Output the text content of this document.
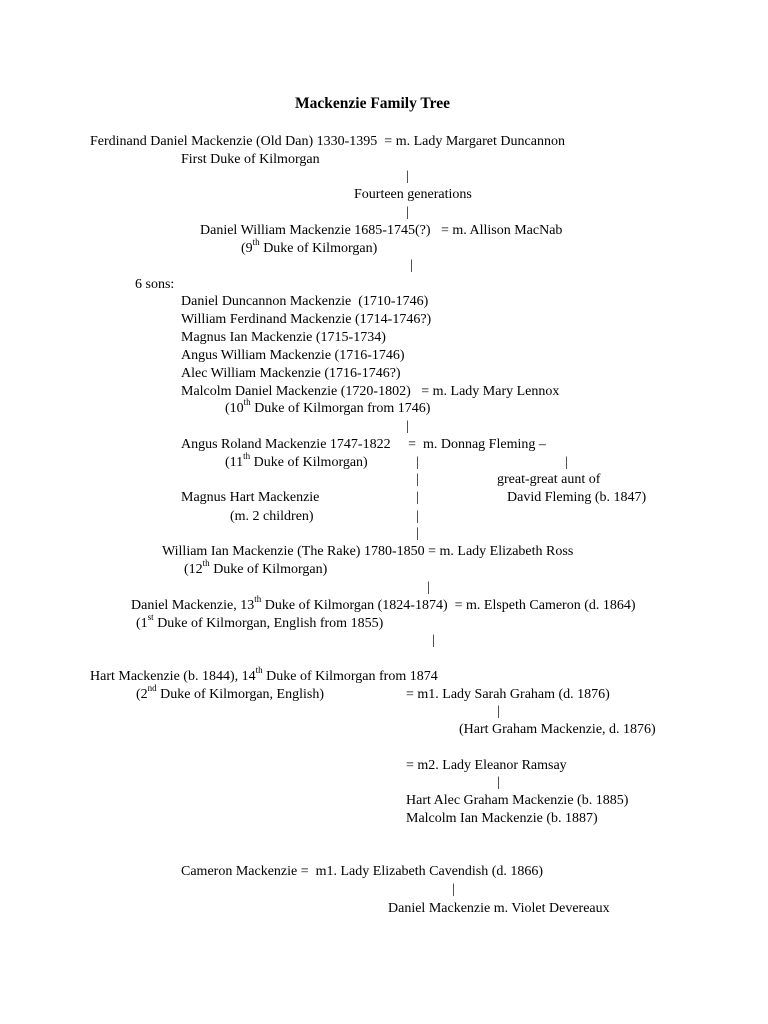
Mackenzie Family Tree
Ferdinand Daniel Mackenzie (Old Dan) 1330-1395  = m. Lady Margaret Duncannon
First Duke of Kilmorgan
|
Fourteen generations
|
Daniel William Mackenzie 1685-1745(?)   = m. Allison MacNab
(9th Duke of Kilmorgan)
|
6 sons:
Daniel Duncannon Mackenzie  (1710-1746)
William Ferdinand Mackenzie (1714-1746?)
Magnus Ian Mackenzie (1715-1734)
Angus William Mackenzie (1716-1746)
Alec William Mackenzie (1716-1746?)
Malcolm Daniel Mackenzie (1720-1802)   = m. Lady Mary Lennox
(10th Duke of Kilmorgan from 1746)
|
Angus Roland Mackenzie 1747-1822     =  m. Donnag Fleming –
(11th Duke of Kilmorgan)	|	|
|	great-great aunt of
Magnus Hart Mackenzie	|	David Fleming (b. 1847)
(m. 2 children)	|
|
William Ian Mackenzie (The Rake) 1780-1850 = m. Lady Elizabeth Ross
(12th Duke of Kilmorgan)
|
Daniel Mackenzie, 13th Duke of Kilmorgan (1824-1874)  = m. Elspeth Cameron (d. 1864)
(1st Duke of Kilmorgan, English from 1855)
|
Hart Mackenzie (b. 1844), 14th Duke of Kilmorgan from 1874
(2nd Duke of Kilmorgan, English)	= m1. Lady Sarah Graham (d. 1876)
|
(Hart Graham Mackenzie, d. 1876)
= m2. Lady Eleanor Ramsay
|
Hart Alec Graham Mackenzie (b. 1885)
Malcolm Ian Mackenzie (b. 1887)
Cameron Mackenzie =  m1. Lady Elizabeth Cavendish (d. 1866)
|
Daniel Mackenzie m. Violet Devereaux
